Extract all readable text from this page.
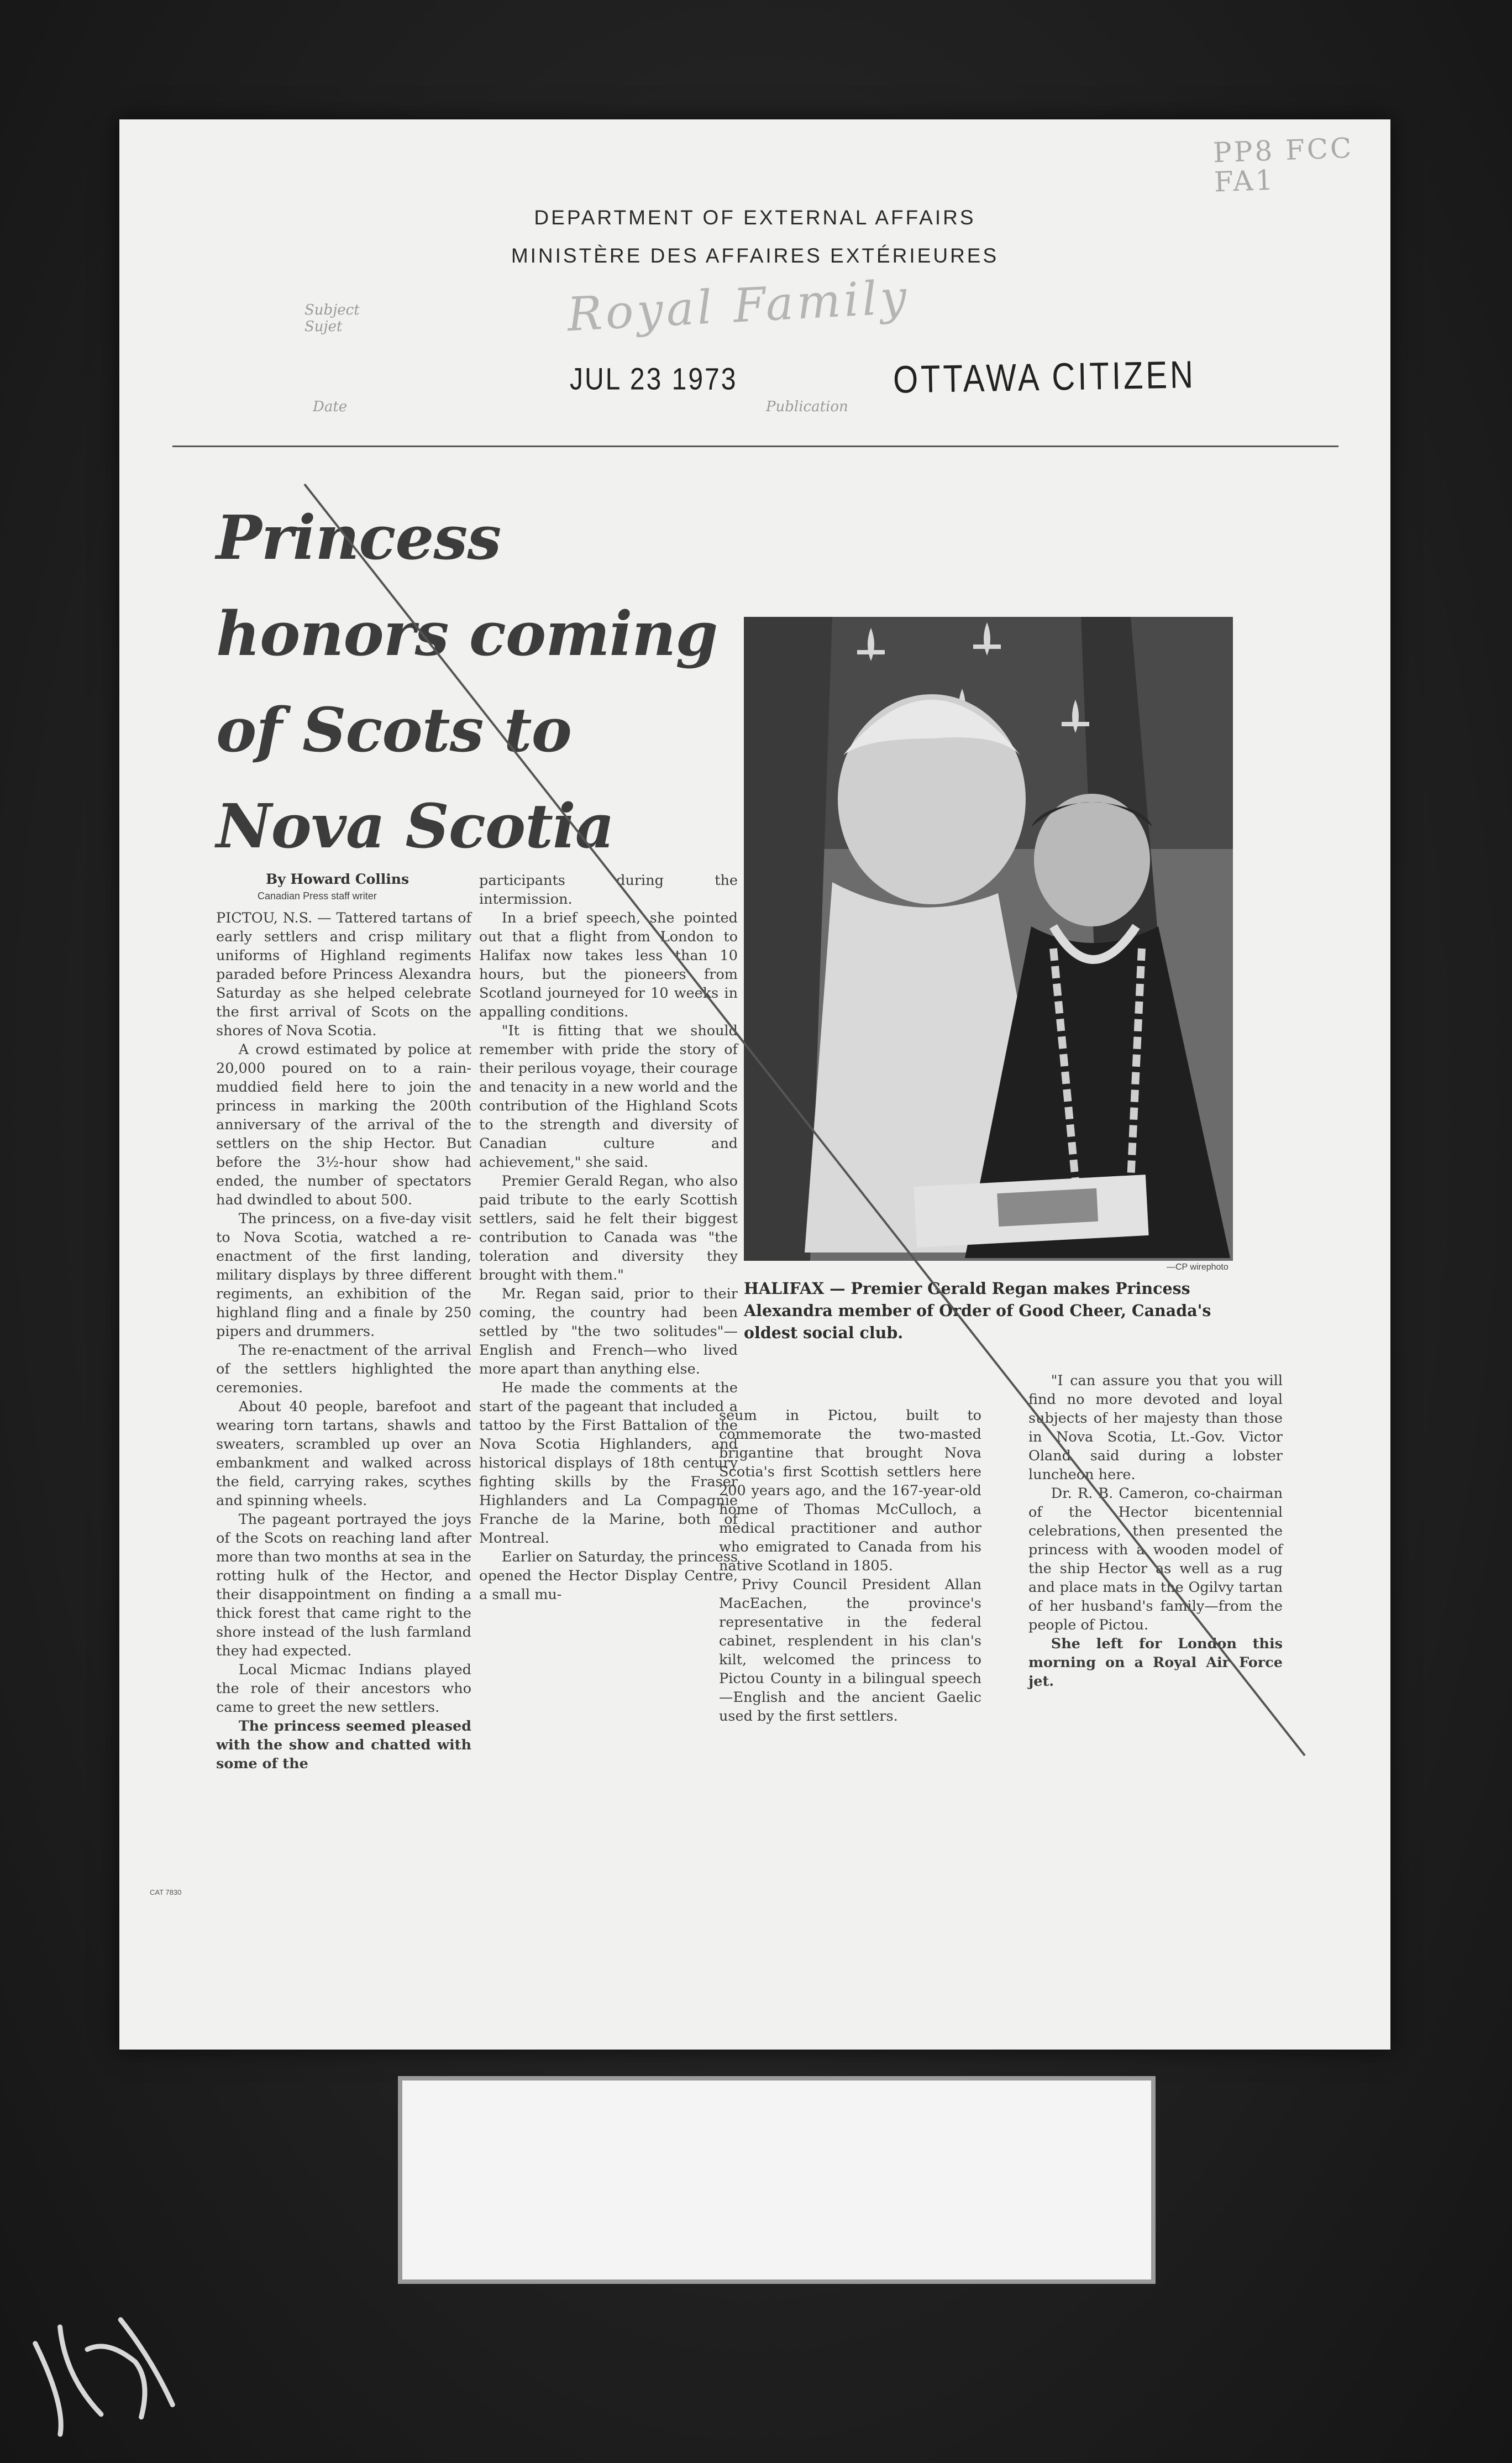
DEPARTMENT OF EXTERNAL AFFAIRS
MINISTÈRE DES AFFAIRES EXTÉRIEURES
PP8 FCC FA1
Subject Sujet	Royal Family
Date
JUL 23 1973
Publication
OTTAWA CITIZEN
Princess honors coming of Scots to Nova Scotia
By Howard Collins
Canadian Press staff writer

PICTOU, N.S. — Tattered tartans of early settlers and crisp military uniforms of Highland regiments paraded before Princess Alexandra Saturday as she helped celebrate the first arrival of Scots on the shores of Nova Scotia.

A crowd estimated by police at 20,000 poured on to a rain-muddied field here to join the princess in marking the 200th anniversary of the arrival of the settlers on the ship Hector. But before the 3½-hour show had ended, the number of spectators had dwindled to about 500.

The princess, on a five-day visit to Nova Scotia, watched a re-enactment of the first landing, military displays by three different regiments, an exhibition of the highland fling and a finale by 250 pipers and drummers.

The re-enactment of the arrival of the settlers highlighted the ceremonies.

About 40 people, barefoot and wearing torn tartans, shawls and sweaters, scrambled up over an embankment and walked across the field, carrying rakes, scythes and spinning wheels.

The pageant portrayed the joys of the Scots on reaching land after more than two months at sea in the rotting hulk of the Hector, and their disappointment on finding a thick forest that came right to the shore instead of the lush farmland they had expected.

Local Micmac Indians played the role of their ancestors who came to greet the new settlers.

The princess seemed pleased with the show and chatted with some of the

participants during the intermission.

In a brief speech, she pointed out that a flight from London to Halifax now takes less than 10 hours, but the pioneers from Scotland journeyed for 10 weeks in appalling conditions.

"It is fitting that we should remember with pride the story of their perilous voyage, their courage and tenacity in a new world and the contribution of the Highland Scots to the strength and diversity of Canadian culture and achievement," she said.

Premier Gerald Regan, who also paid tribute to the early Scottish settlers, said he felt their biggest contribution to Canada was "the toleration and diversity they brought with them."

Mr. Regan said, prior to their coming, the country had been settled by "the two solitudes"—English and French—who lived more apart than anything else.

He made the comments at the start of the pageant that included a tattoo by the First Battalion of the Nova Scotia Highlanders, and historical displays of 18th century fighting skills by the Fraser Highlanders and La Compagnie Franche de la Marine, both of Montreal.

Earlier on Saturday, the princess opened the Hector Display Centre, a small mu-

—CP wirephoto
HALIFAX — Premier Gerald Regan makes Princess Alexandra member of Order of Good Cheer, Canada's oldest social club.

seum in Pictou, built to commemorate the two-masted brigantine that brought Nova Scotia's first Scottish settlers here 200 years ago, and the 167-year-old home of Thomas McCulloch, a medical practitioner and author who emigrated to Canada from his native Scotland in 1805.

Privy Council President Allan MacEachen, the province's representative in the federal cabinet, resplendent in his clan's kilt, welcomed the princess to Pictou County in a bilingual speech—English and the ancient Gaelic used by the first settlers.

"I can assure you that you will find no more devoted and loyal subjects of her majesty than those in Nova Scotia, Lt.-Gov. Victor Oland said during a lobster luncheon here.

Dr. R. B. Cameron, co-chairman of the Hector bicentennial celebrations, then presented the princess with a wooden model of the ship Hector as well as a rug and place mats in the Ogilvy tartan of her husband's family—from the people of Pictou.

She left for London this morning on a Royal Air Force jet.

CAT 7830
